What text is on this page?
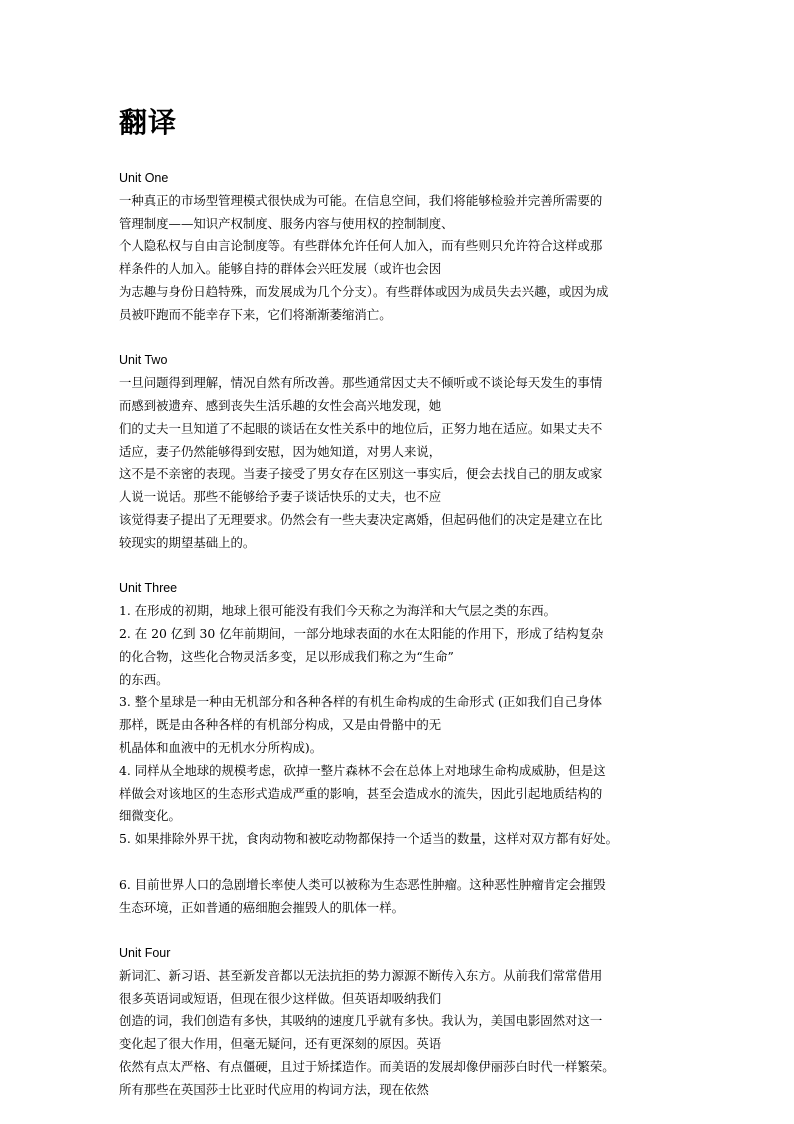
翻译
Unit One
一种真正的市场型管理模式很快成为可能。在信息空间，我们将能够检验并完善所需要的
管理制度——知识产权制度、服务内容与使用权的控制制度、
个人隐私权与自由言论制度等。有些群体允许任何人加入，而有些则只允许符合这样或那
样条件的人加入。能够自持的群体会兴旺发展（或许也会因
为志趣与身份日趋特殊，而发展成为几个分支）。有些群体或因为成员失去兴趣，或因为成
员被吓跑而不能幸存下来，它们将渐渐萎缩消亡。
Unit Two
一旦问题得到理解，情况自然有所改善。那些通常因丈夫不倾听或不谈论每天发生的事情
而感到被遗弃、感到丧失生活乐趣的女性会高兴地发现，她
们的丈夫一旦知道了不起眼的谈话在女性关系中的地位后，正努力地在适应。如果丈夫不
适应，妻子仍然能够得到安慰，因为她知道，对男人来说，
这不是不亲密的表现。当妻子接受了男女存在区别这一事实后，便会去找自己的朋友或家
人说一说话。那些不能够给予妻子谈话快乐的丈夫，也不应
该觉得妻子提出了无理要求。仍然会有一些夫妻决定离婚，但起码他们的决定是建立在比
较现实的期望基础上的。
Unit Three
1. 在形成的初期，地球上很可能没有我们今天称之为海洋和大气层之类的东西。
2. 在 20 亿到 30 亿年前期间，一部分地球表面的水在太阳能的作用下，形成了结构复杂
的化合物，这些化合物灵活多变，足以形成我们称之为“生命”
的东西。
3. 整个星球是一种由无机部分和各种各样的有机生命构成的生命形式 (正如我们自己身体
那样，既是由各种各样的有机部分构成，又是由骨骼中的无
机晶体和血液中的无机水分所构成)。
4. 同样从全地球的规模考虑，砍掉一整片森林不会在总体上对地球生命构成威胁，但是这
样做会对该地区的生态形式造成严重的影响，甚至会造成水的流失，因此引起地质结构的
细微变化。
5. 如果排除外界干扰，食肉动物和被吃动物都保持一个适当的数量，这样对双方都有好处。

6. 目前世界人口的急剧增长率使人类可以被称为生态恶性肿瘤。这种恶性肿瘤肯定会摧毁
生态环境，正如普通的癌细胞会摧毁人的肌体一样。
Unit Four
新词汇、新习语、甚至新发音都以无法抗拒的势力源源不断传入东方。从前我们常常借用
很多英语词或短语，但现在很少这样做。但英语却吸纳我们
创造的词，我们创造有多快，其吸纳的速度几乎就有多快。我认为，美国电影固然对这一
变化起了很大作用，但毫无疑问，还有更深刻的原因。英语
依然有点太严格、有点僵硬，且过于矫揉造作。而美语的发展却像伊丽莎白时代一样繁荣。
所有那些在英国莎士比亚时代应用的构词方法，现在依然
